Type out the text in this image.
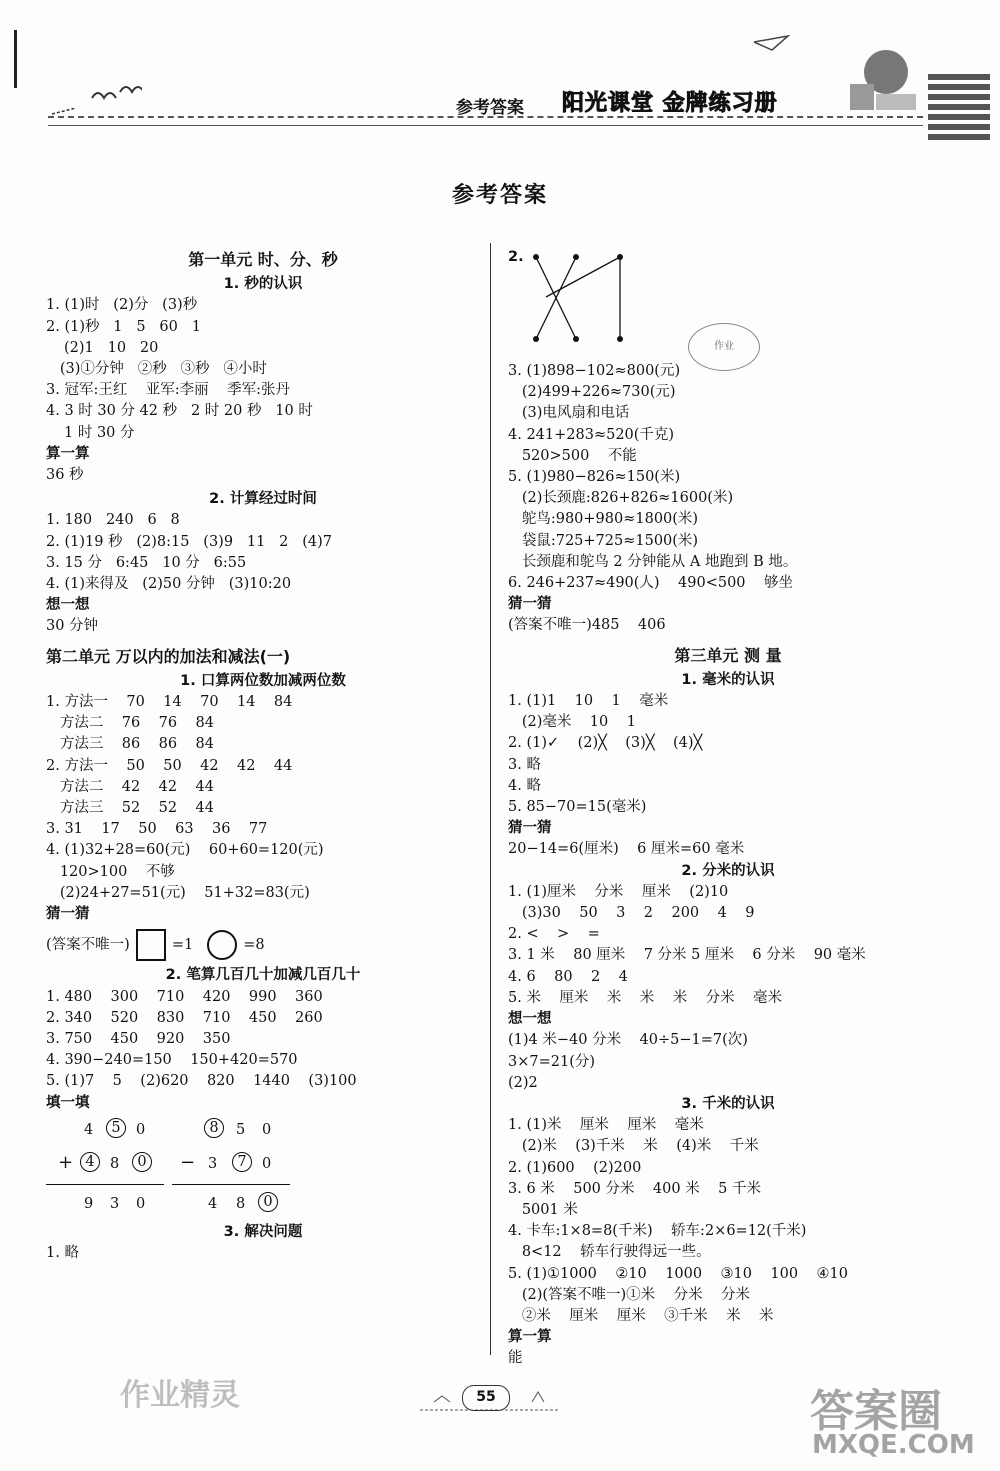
参考答案 阳光课堂 金牌练习册
参考答案
第一单元 时、分、秒
1. 秒的认识
1. (1)时   (2)分   (3)秒
2. (1)秒   1   5   60   1
(2)1   10   20
(3)①分钟   ②秒   ③秒   ④小时
3. 冠军:王红    亚军:李丽    季军:张丹
4. 3 时 30 分 42 秒   2 时 20 秒   10 时
1 时 30 分
算一算
36 秒
2. 计算经过时间
1. 180   240   6   8
2. (1)19 秒   (2)8:15   (3)9   11   2   (4)7
3. 15 分   6:45   10 分   6:55
4. (1)来得及   (2)50 分钟   (3)10:20
想一想
30 分钟
第二单元 万以内的加法和减法(一)
1. 口算两位数加减两位数
1. 方法一    70    14    70    14    84
方法二    76    76    84
方法三    86    86    84
2. 方法一    50    50    42    42    44
方法二    42    42    44
方法三    52    52    44
3. 31    17    50    63    36    77
4. (1)32+28=60(元)    60+60=120(元)
120>100    不够
(2)24+27=51(元)    51+32=83(元)
猜一猜
(答案不唯一)	=1	=8
2. 笔算几百几十加减几百几十
1. 480    300    710    420    990    360
2. 340    520    830    710    450    260
3. 750    450    920    350
4. 390−240=150    150+420=570
5. (1)7    5    (2)620    820    1440    (3)100
填一填
4	5	0
+ 4	8	0
9 3 0
8	5 0
− 3	7	0
4 8	0
3. 解决问题
1. 略
作业精灵
2.
作业
3. (1)898−102≈800(元)
(2)499+226≈730(元)
(3)电风扇和电话
4. 241+283≈520(千克)
520>500    不能
5. (1)980−826≈150(米)
(2)长颈鹿:826+826≈1600(米)
鸵鸟:980+980≈1800(米)
袋鼠:725+725≈1500(米)
长颈鹿和鸵鸟 2 分钟能从 A 地跑到 B 地。
6. 246+237≈490(人)    490<500    够坐
猜一猜
(答案不唯一)485    406
第三单元 测 量
1. 毫米的认识
1. (1)1    10    1    毫米
(2)毫米    10    1
2. (1)✓    (2)╳    (3)╳    (4)╳
3. 略
4. 略
5. 85−70=15(毫米)
猜一猜
20−14=6(厘米)    6 厘米=60 毫米
2. 分米的认识
1. (1)厘米    分米    厘米    (2)10
(3)30    50    3    2    200    4    9
2. <    >    =
3. 1 米    80 厘米    7 分米 5 厘米    6 分米    90 毫米
4. 6    80    2    4
5. 米    厘米    米    米    米    分米    毫米
想一想
(1)4 米−40 分米    40÷5−1=7(次)
3×7=21(分)
(2)2
3. 千米的认识
1. (1)米    厘米    厘米    毫米
(2)米    (3)千米    米    (4)米    千米
2. (1)600    (2)200
3. 6 米    500 分米    400 米    5 千米
5001 米
4. 卡车:1×8=8(千米)    轿车:2×6=12(千米)
8<12    轿车行驶得远一些。
5. (1)①1000    ②10    1000    ③10    100    ④10
(2)(答案不唯一)①米    分米    分米
②米    厘米    厘米    ③千米    米    米
算一算
能
55	答案圈
MXQE.COM
